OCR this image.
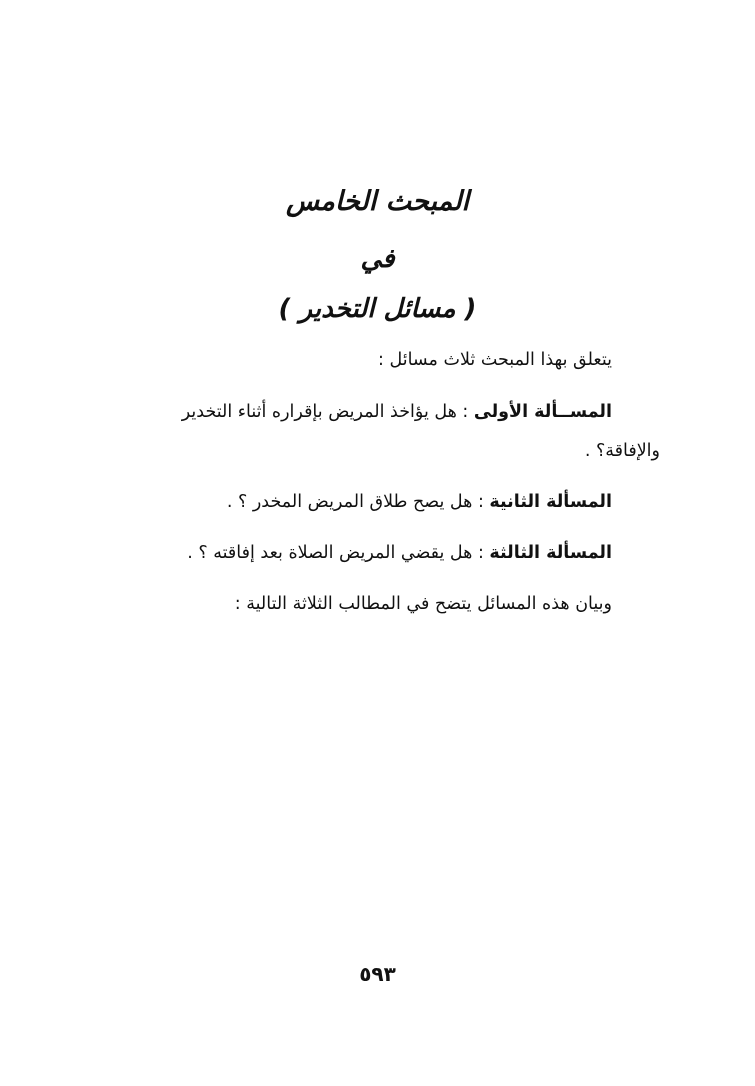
المبحث الخامس
في
( مسائل التخدير )
يتعلق بهذا المبحث ثلاث مسائل :
المســألة الأولى : هل يؤاخذ المريض بإقراره أثناء التخدير
والإفاقة؟ .
المسألة الثانية : هل يصح طلاق المريض المخدر ؟ .
المسألة الثالثة : هل يقضي المريض الصلاة بعد إفاقته ؟ .
وبيان هذه المسائل يتضح في المطالب الثلاثة التالية :
٥٩٣
